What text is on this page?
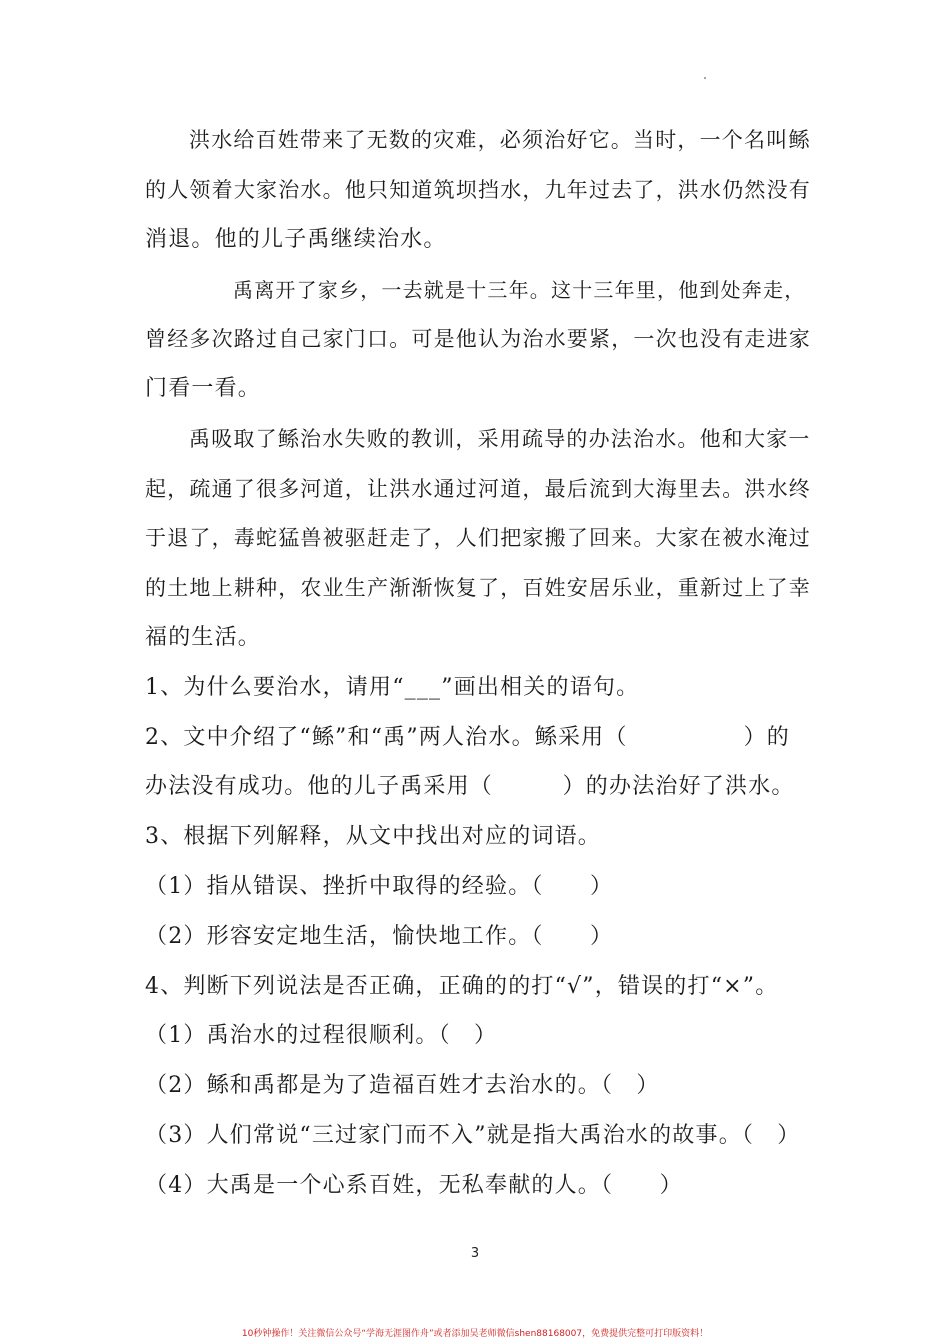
洪水给百姓带来了无数的灾难，必须治好它。当时，一个名叫鲧
的人领着大家治水。他只知道筑坝挡水，九年过去了，洪水仍然没有
消退。他的儿子禹继续治水。
禹离开了家乡，一去就是十三年。这十三年里，他到处奔走，
曾经多次路过自己家门口。可是他认为治水要紧，一次也没有走进家
门看一看。
禹吸取了鲧治水失败的教训，采用疏导的办法治水。他和大家一
起，疏通了很多河道，让洪水通过河道，最后流到大海里去。洪水终
于退了，毒蛇猛兽被驱赶走了，人们把家搬了回来。大家在被水淹过
的土地上耕种，农业生产渐渐恢复了，百姓安居乐业，重新过上了幸
福的生活。
1、为什么要治水，请用“___”画出相关的语句。
2、文中介绍了“鲧”和“禹”两人治水。鲧采用（　　　　　）的
办法没有成功。他的儿子禹采用（　　　）的办法治好了洪水。
3、根据下列解释，从文中找出对应的词语。
（1）指从错误、挫折中取得的经验。（　　）
（2）形容安定地生活，愉快地工作。（　　）
4、判断下列说法是否正确，正确的的打“√”，错误的打“×”。
（1）禹治水的过程很顺利。（　）
（2）鲧和禹都是为了造福百姓才去治水的。（　）
（3）人们常说“三过家门而不入”就是指大禹治水的故事。（　）
（4）大禹是一个心系百姓，无私奉献的人。（　　）
3
10秒钟操作！关注微信公众号“学海无涯图作舟”或者添加吴老师微信shen88168007，免费提供完整可打印版资料！
